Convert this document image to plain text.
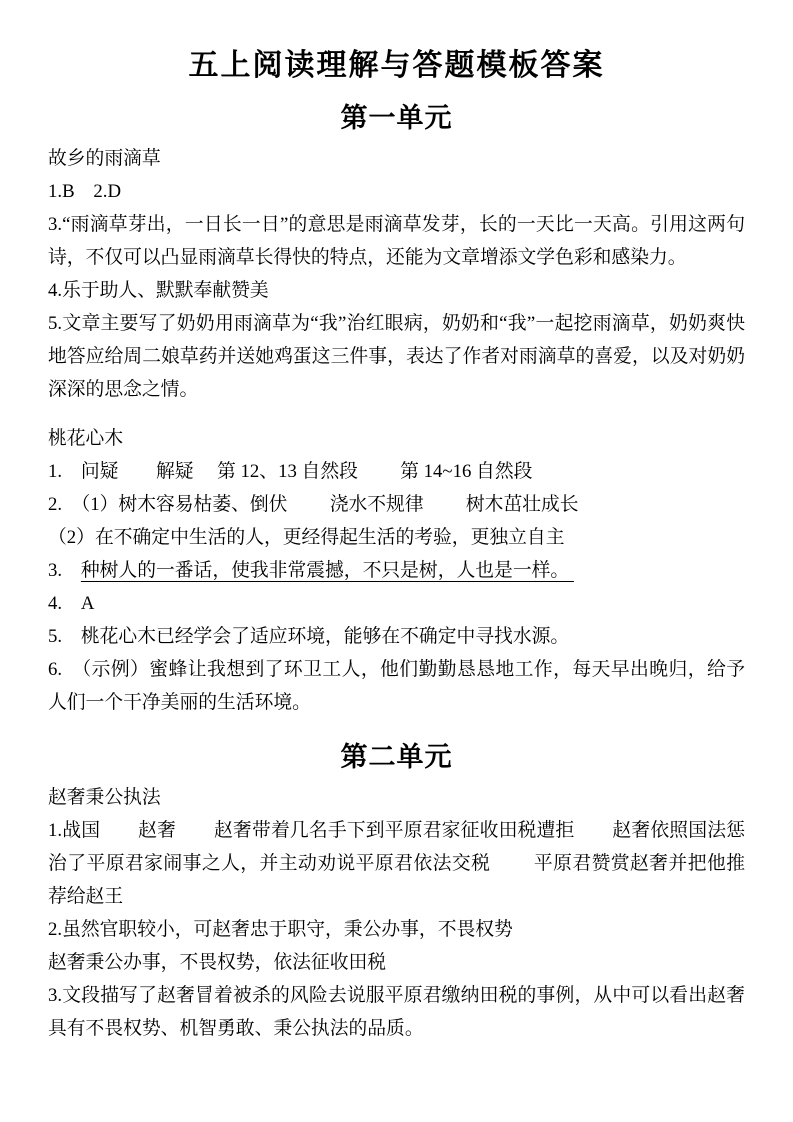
五上阅读理解与答题模板答案
第一单元

故乡的雨滴草

1.B　2.D

3.“雨滴草芽出，一日长一日”的意思是雨滴草发芽，长的一天比一天高。引用这两句诗，不仅可以凸显雨滴草长得快的特点，还能为文章增添文学色彩和感染力。

4.乐于助人、默默奉献赞美

5.文章主要写了奶奶用雨滴草为“我”治红眼病，奶奶和“我”一起挖雨滴草，奶奶爽快地答应给周二娘草药并送她鸡蛋这三件事，表达了作者对雨滴草的喜爱，以及对奶奶深深的思念之情。

桃花心木

1.　问疑　　解疑　 第 12、13 自然段　　 第 14~16 自然段

2.　（1）树木容易枯萎、倒伏　　 浇水不规律　　 树木茁壮成长

（2）在不确定中生活的人，更经得起生活的考验，更独立自主

3.　种树人的一番话，使我非常震撼，不只是树，人也是一样。

4.　A

5.　桃花心木已经学会了适应环境，能够在不确定中寻找水源。

6.　（示例）蜜蜂让我想到了环卫工人，他们勤勤恳恳地工作，每天早出晚归，给予人们一个干净美丽的生活环境。

第二单元

赵奢秉公执法

1.战国　　赵奢　　赵奢带着几名手下到平原君家征收田税遭拒　　赵奢依照国法惩治了平原君家闹事之人，并主动劝说平原君依法交税　　 平原君赞赏赵奢并把他推荐给赵王

2.虽然官职较小，可赵奢忠于职守，秉公办事，不畏权势

赵奢秉公办事，不畏权势，依法征收田税

3.文段描写了赵奢冒着被杀的风险去说服平原君缴纳田税的事例，从中可以看出赵奢具有不畏权势、机智勇敢、秉公执法的品质。
